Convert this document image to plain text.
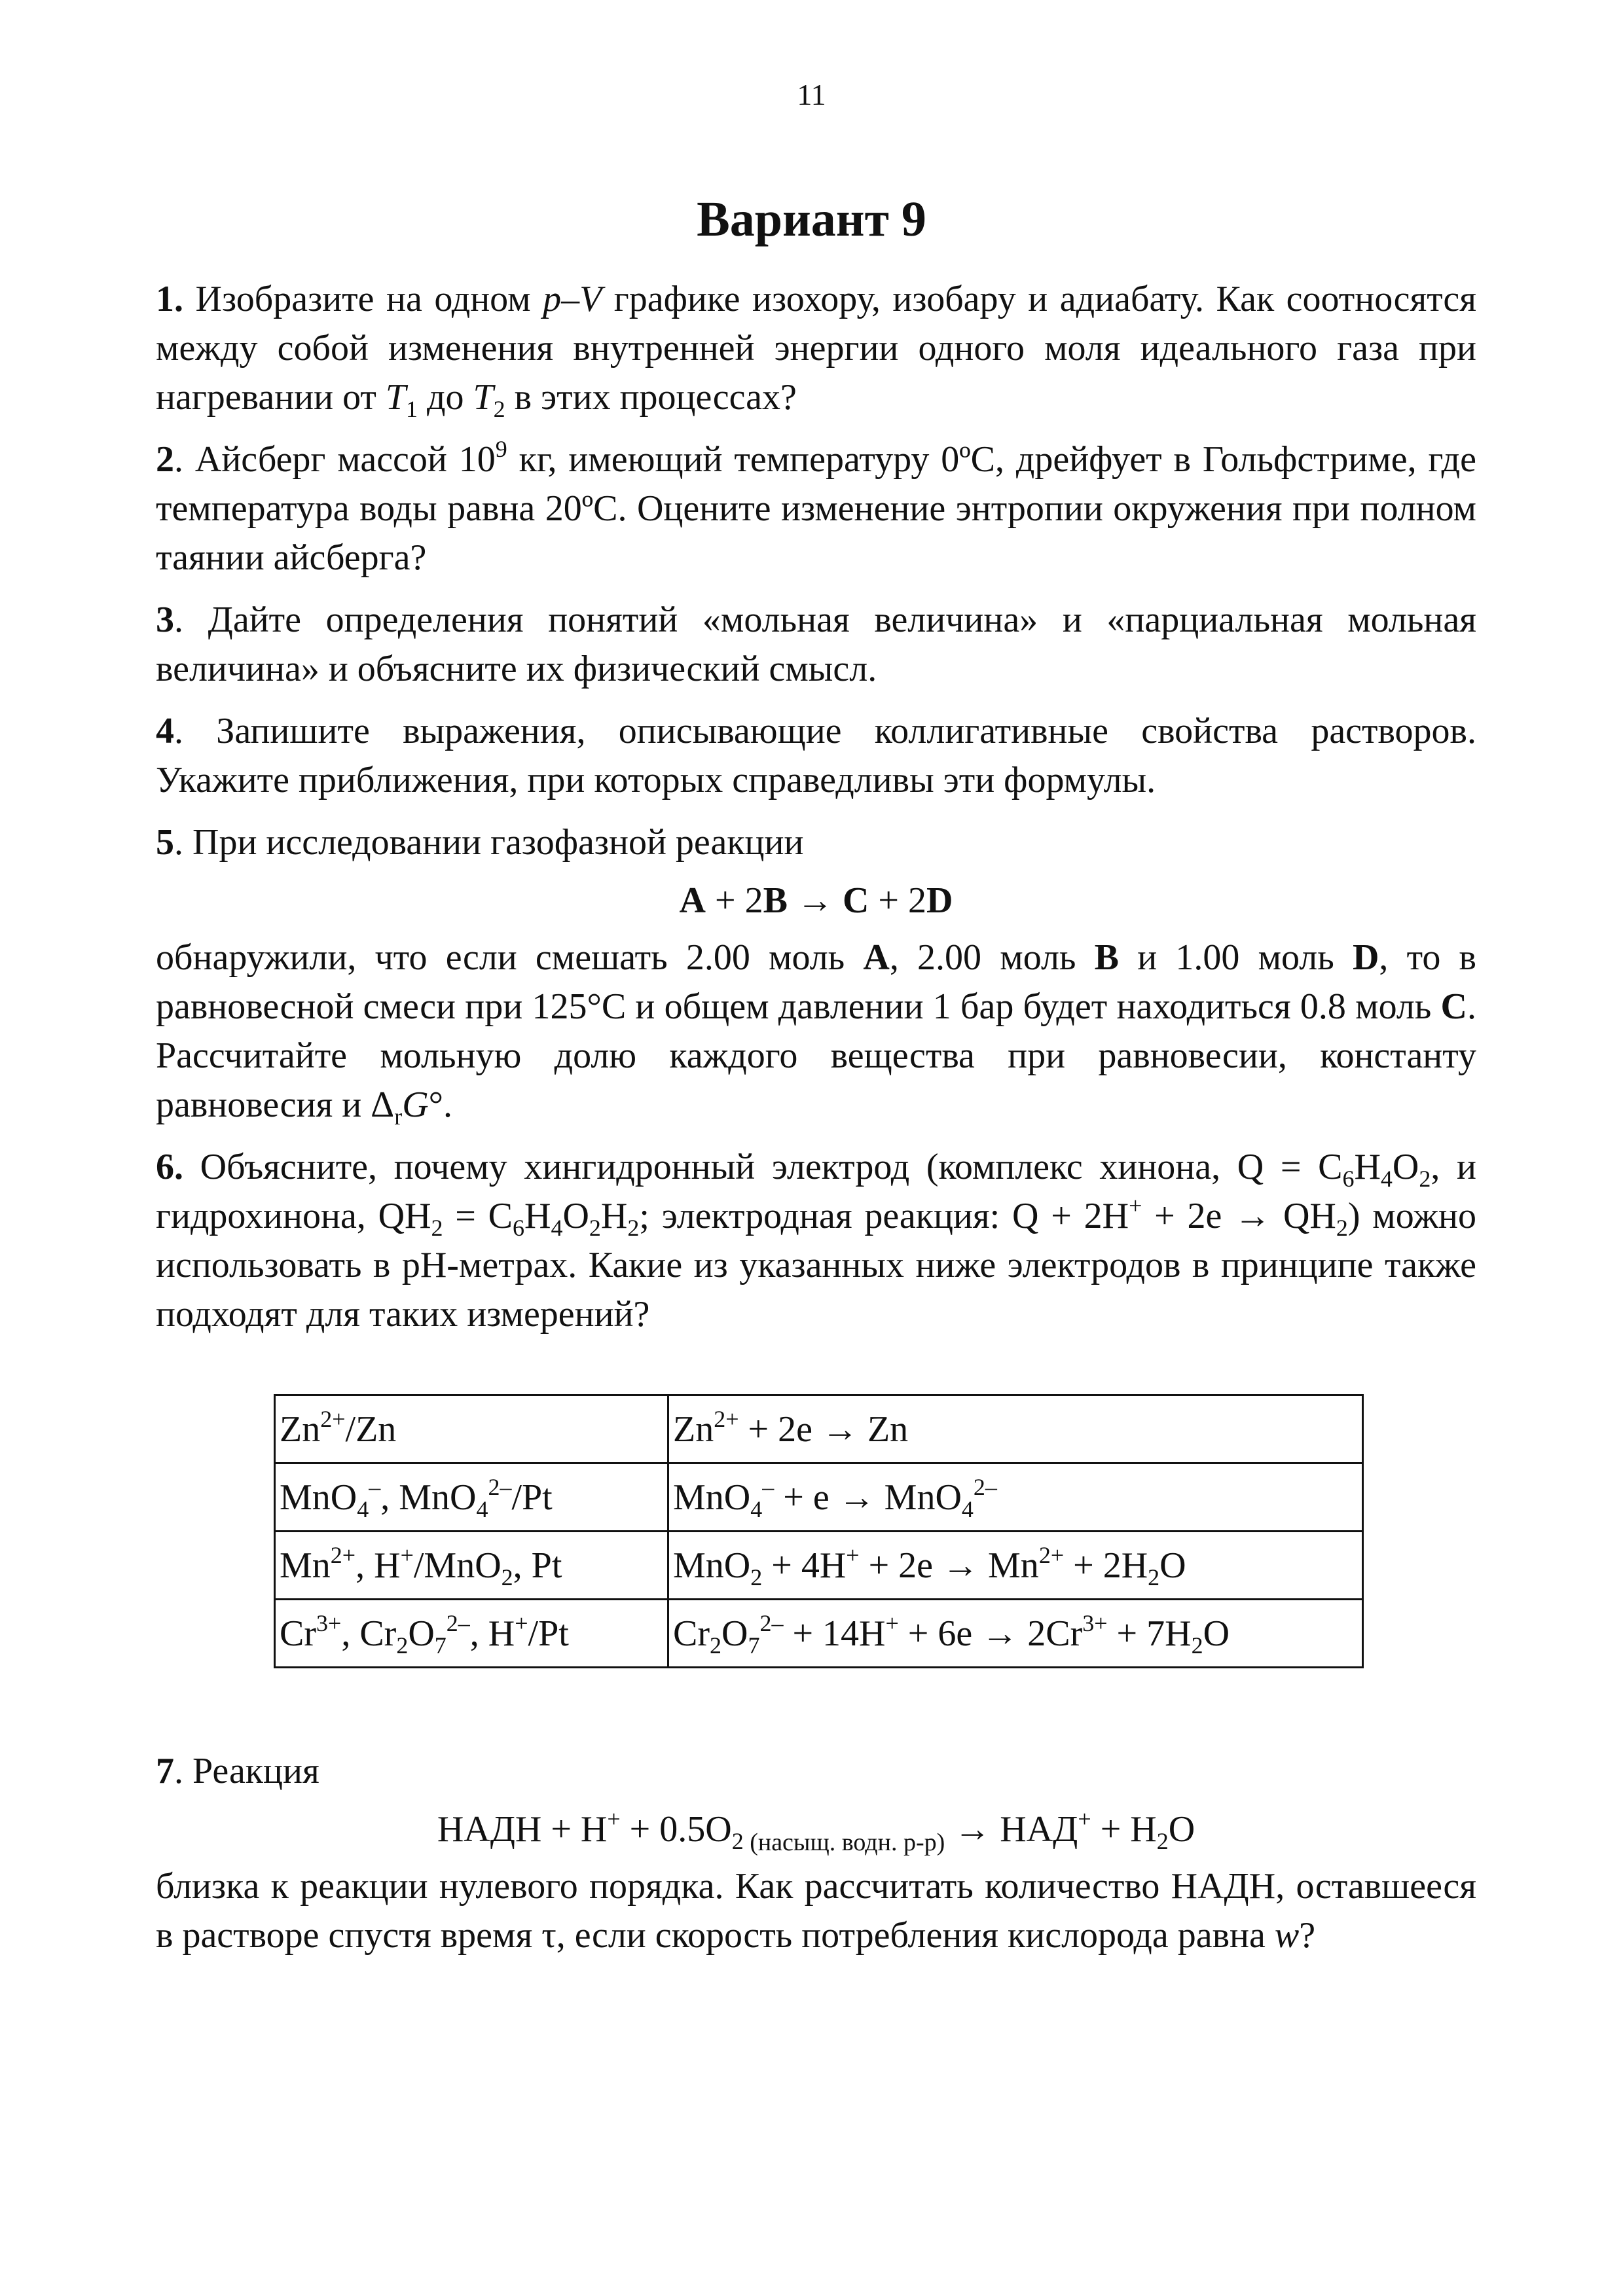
11
Вариант 9

1. Изобразите на одном p–V графике изохору, изобару и адиабату. Как соотносятся между собой изменения внутренней энергии одного моля идеального газа при нагревании от $T_1$ до $T_2$ в этих процессах?

2. Айсберг массой $10^9$ кг, имеющий температуру 0ºС, дрейфует в Гольфстриме, где температура воды равна 20ºС. Оцените изменение энтропии окружения при полном таянии айсберга?

3. Дайте определения понятий «мольная величина» и «парциальная мольная величина» и объясните их физический смысл.

4. Запишите выражения, описывающие коллигативные свойства растворов. Укажите приближения, при которых справедливы эти формулы.

5. При исследовании газофазной реакции

A + 2B → C + 2D

обнаружили, что если смешать 2.00 моль A, 2.00 моль B и 1.00 моль D, то в равновесной смеси при 125°C и общем давлении 1 бар будет находиться 0.8 моль C. Рассчитайте мольную долю каждого вещества при равновесии, константу равновесия и $\Delta_rG^\circ$.

6. Объясните, почему хингидронный электрод (комплекс хинона, $Q = C_6H_4O_2$, и гидрохинона, $QH_2 = C_6H_4O_2H_2$; электродная реакция: $Q + 2H^+ + 2e \to QH_2$) можно использовать в pH-метрах. Какие из указанных ниже электродов в принципе также подходят для таких измерений?

$Zn^{2+}/Zn$	$Zn^{2+} + 2e \to Zn$
MnO$_4$–, MnO$_4^{2-}$/Pt	MnO$_4$– + e → MnO$_4^{2-}$
$Mn^{2+}$, H+/MnO$_2$, Pt	$MnO_2 + 4H^+ + 2e \to Mn^{2+} + 2H_2O$
$Cr^{3+}$, $Cr_2O_7^{2-}$, H+/Pt	$Cr_2O_7^{2-} + 14H^+ + 6e \to 2Cr^{3+} + 7H_2O$

7. Реакция

НАДН + $H^+ + 0.5O_2$ $_{(насыщ. водн. р-р)} \to НАД^+ + H_2O$

близка к реакции нулевого порядка. Как рассчитать количество НАДН, оставшееся в растворе спустя время τ, если скорость потребления кислорода равна w?
